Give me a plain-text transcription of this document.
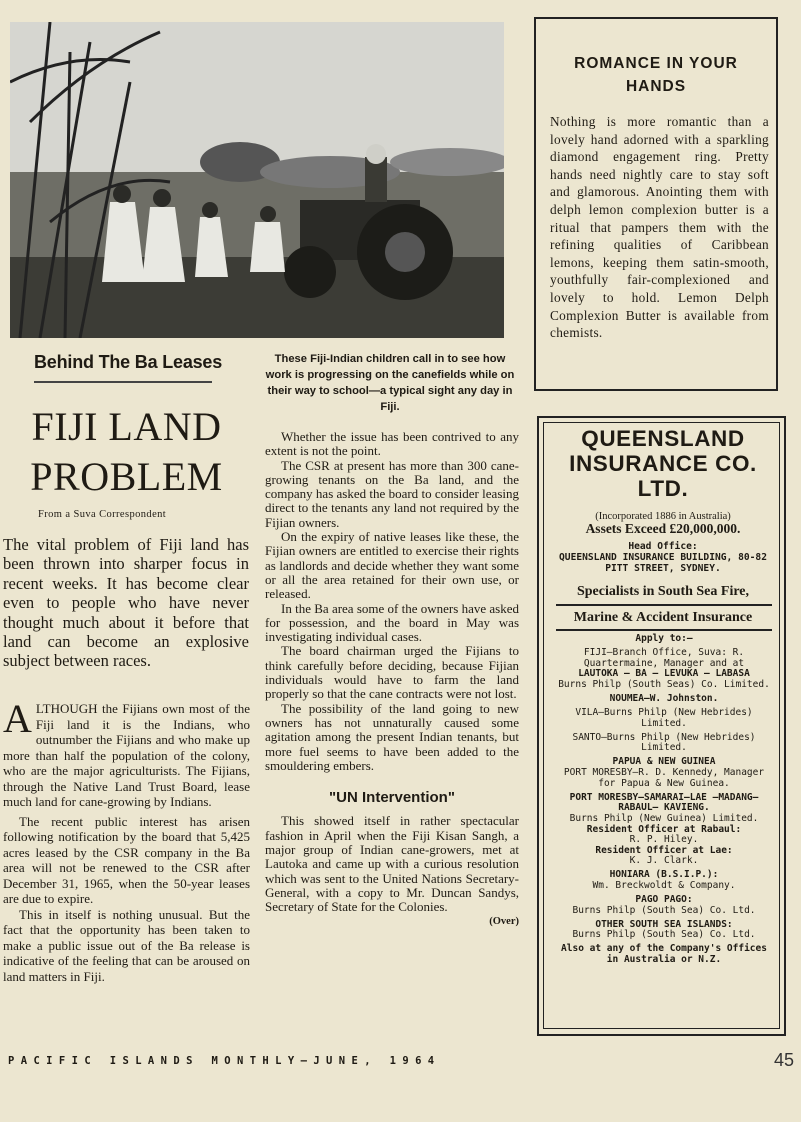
Behind The Ba Leases	These Fiji-Indian children call in to see how work is progressing on the canefields while on their way to school—a typical sight any day in Fiji.
FIJI LAND
PROBLEM
From a Suva Correspondent
The vital problem of Fiji land has been thrown into sharper focus in recent weeks. It has become clear even to people who have never thought much about it before that land can become an explosive subject between races.

ALTHOUGH the Fijians own most of the Fiji land it is the Indians, who outnumber the Fijians and who make up more than half the population of the colony, who are the major agriculturists. The Fijians, through the Native Land Trust Board, lease much land for cane-growing by Indians.

The recent public interest has arisen following notification by the board that 5,425 acres leased by the CSR company in the Ba area will not be renewed to the CSR after December 31, 1965, when the 50-year leases are due to expire.

This in itself is nothing unusual. But the fact that the opportunity has been taken to make a public issue out of the Ba release is indicative of the feeling that can be aroused on land matters in Fiji.

Whether the issue has been contrived to any extent is not the point.

The CSR at present has more than 300 cane-growing tenants on the Ba land, and the company has asked the board to consider leasing direct to the tenants any land not required by the Fijian owners.

On the expiry of native leases like these, the Fijian owners are entitled to exercise their rights as landlords and decide whether they want some or all the area retained for their own use, or released.

In the Ba area some of the owners have asked for possession, and the board in May was investigating individual cases.

The board chairman urged the Fijians to think carefully before deciding, because Fijian individuals would have to farm the land properly so that the cane contracts were not lost.

The possibility of the land going to new owners has not unnaturally caused some agitation among the present Indian tenants, but more fuel seems to have been added to the smouldering embers.

"UN Intervention"

This showed itself in rather spectacular fashion in April when the Fiji Kisan Sangh, a major group of Indian cane-growers, met at Lautoka and came up with a curious resolution which was sent to the United Nations Secretary-General, with a copy to Mr. Duncan Sandys, Secretary of State for the Colonies.

(Over)
ROMANCE IN YOUR HANDS
Nothing is more romantic than a lovely hand adorned with a sparkling diamond engagement ring. Pretty hands need nightly care to stay soft and glamorous. Anointing them with delph lemon complexion butter is a ritual that pampers them with the refining qualities of Caribbean lemons, keeping them satin-smooth, youthfully fair-complexioned and lovely to hold. Lemon Delph Complexion Butter is available from chemists.
QUEENSLAND INSURANCE CO. LTD.
(Incorporated 1886 in Australia)
Assets Exceed £20,000,000.
Head Office:
QUEENSLAND INSURANCE BUILDING, 80-82 PITT STREET, SYDNEY.
Specialists in South Sea Fire,
Marine & Accident Insurance
Apply to:—
FIJI—Branch Office, Suva: R. Quartermaine, Manager and at
LAUTOKA — BA — LEVUKA — LABASA
Burns Philp (South Seas) Co. Limited.
NOUMEA—W. Johnston.
VILA—Burns Philp (New Hebrides) Limited.
SANTO—Burns Philp (New Hebrides) Limited.
PAPUA & NEW GUINEA
PORT MORESBY—R. D. Kennedy, Manager for Papua & New Guinea.
PORT MORESBY—SAMARAI—LAE —MADANG—RABAUL— KAVIENG.
Burns Philp (New Guinea) Limited.
Resident Officer at Rabaul:
R. P. Hiley.
Resident Officer at Lae:
K. J. Clark.
HONIARA (B.S.I.P.):
Wm. Breckwoldt & Company.
PAGO PAGO:
Burns Philp (South Sea) Co. Ltd.
OTHER SOUTH SEA ISLANDS:
Burns Philp (South Sea) Co. Ltd.
Also at any of the Company's Offices in Australia or N.Z.
PACIFIC ISLANDS MONTHLY—JUNE, 1964	45
